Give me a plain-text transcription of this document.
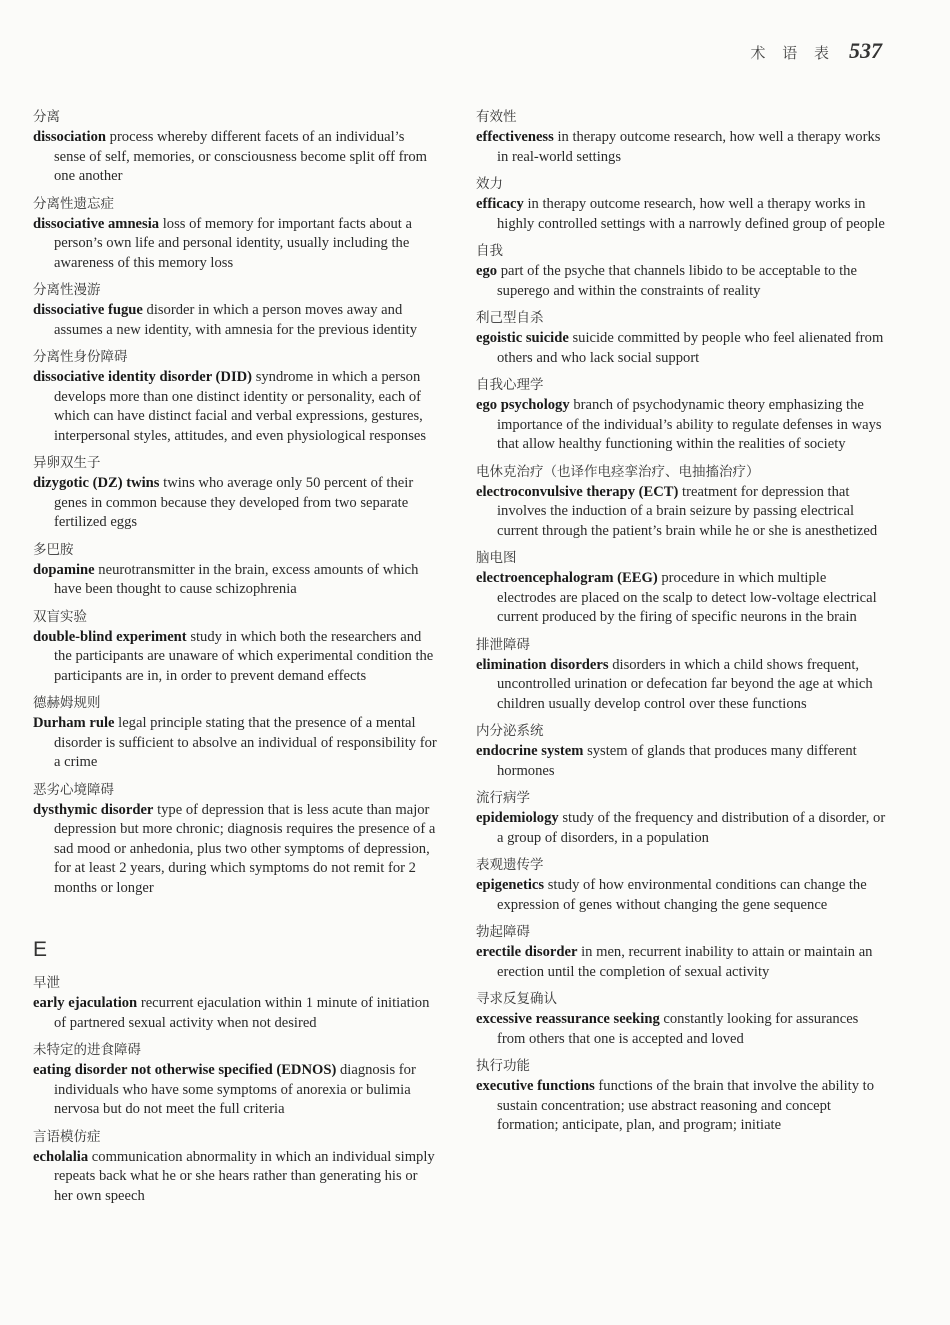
术 语 表 537
分离
dissociation process whereby different facets of an individual’s sense of self, memories, or consciousness become split off from one another
分离性遗忘症
dissociative amnesia loss of memory for important facts about a person’s own life and personal identity, usually including the awareness of this memory loss
分离性漫游
dissociative fugue disorder in which a person moves away and assumes a new identity, with amnesia for the previous identity
分离性身份障碍
dissociative identity disorder (DID) syndrome in which a person develops more than one distinct identity or personality, each of which can have distinct facial and verbal expressions, gestures, interpersonal styles, attitudes, and even physiological responses
异卵双生子
dizygotic (DZ) twins twins who average only 50 percent of their genes in common because they developed from two separate fertilized eggs
多巴胺
dopamine neurotransmitter in the brain, excess amounts of which have been thought to cause schizophrenia
双盲实验
double-blind experiment study in which both the researchers and the participants are unaware of which experimental condition the participants are in, in order to prevent demand effects
德赫姆规则
Durham rule legal principle stating that the presence of a mental disorder is sufficient to absolve an individual of responsibility for a crime
恶劣心境障碍
dysthymic disorder type of depression that is less acute than major depression but more chronic; diagnosis requires the presence of a sad mood or anhedonia, plus two other symptoms of depression, for at least 2 years, during which symptoms do not remit for 2 months or longer
E
早泄
early ejaculation recurrent ejaculation within 1 minute of initiation of partnered sexual activity when not desired
未特定的进食障碍
eating disorder not otherwise specified (EDNOS) diagnosis for individuals who have some symptoms of anorexia or bulimia nervosa but do not meet the full criteria
言语模仿症
echolalia communication abnormality in which an individual simply repeats back what he or she hears rather than generating his or her own speech
有效性
effectiveness in therapy outcome research, how well a therapy works in real-world settings
效力
efficacy in therapy outcome research, how well a therapy works in highly controlled settings with a narrowly defined group of people
自我
ego part of the psyche that channels libido to be acceptable to the superego and within the constraints of reality
利己型自杀
egoistic suicide suicide committed by people who feel alienated from others and who lack social support
自我心理学
ego psychology branch of psychodynamic theory emphasizing the importance of the individual’s ability to regulate defenses in ways that allow healthy functioning within the realities of society
电休克治疗（也译作电痉挛治疗、电抽搐治疗）
electroconvulsive therapy (ECT) treatment for depression that involves the induction of a brain seizure by passing electrical current through the patient’s brain while he or she is anesthetized
脑电图
electroencephalogram (EEG) procedure in which multiple electrodes are placed on the scalp to detect low-voltage electrical current produced by the firing of specific neurons in the brain
排泄障碍
elimination disorders disorders in which a child shows frequent, uncontrolled urination or defecation far beyond the age at which children usually develop control over these functions
内分泌系统
endocrine system system of glands that produces many different hormones
流行病学
epidemiology study of the frequency and distribution of a disorder, or a group of disorders, in a population
表观遗传学
epigenetics study of how environmental conditions can change the expression of genes without changing the gene sequence
勃起障碍
erectile disorder in men, recurrent inability to attain or maintain an erection until the completion of sexual activity
寻求反复确认
excessive reassurance seeking constantly looking for assurances from others that one is accepted and loved
执行功能
executive functions functions of the brain that involve the ability to sustain concentration; use abstract reasoning and concept formation; anticipate, plan, and program; initiate
